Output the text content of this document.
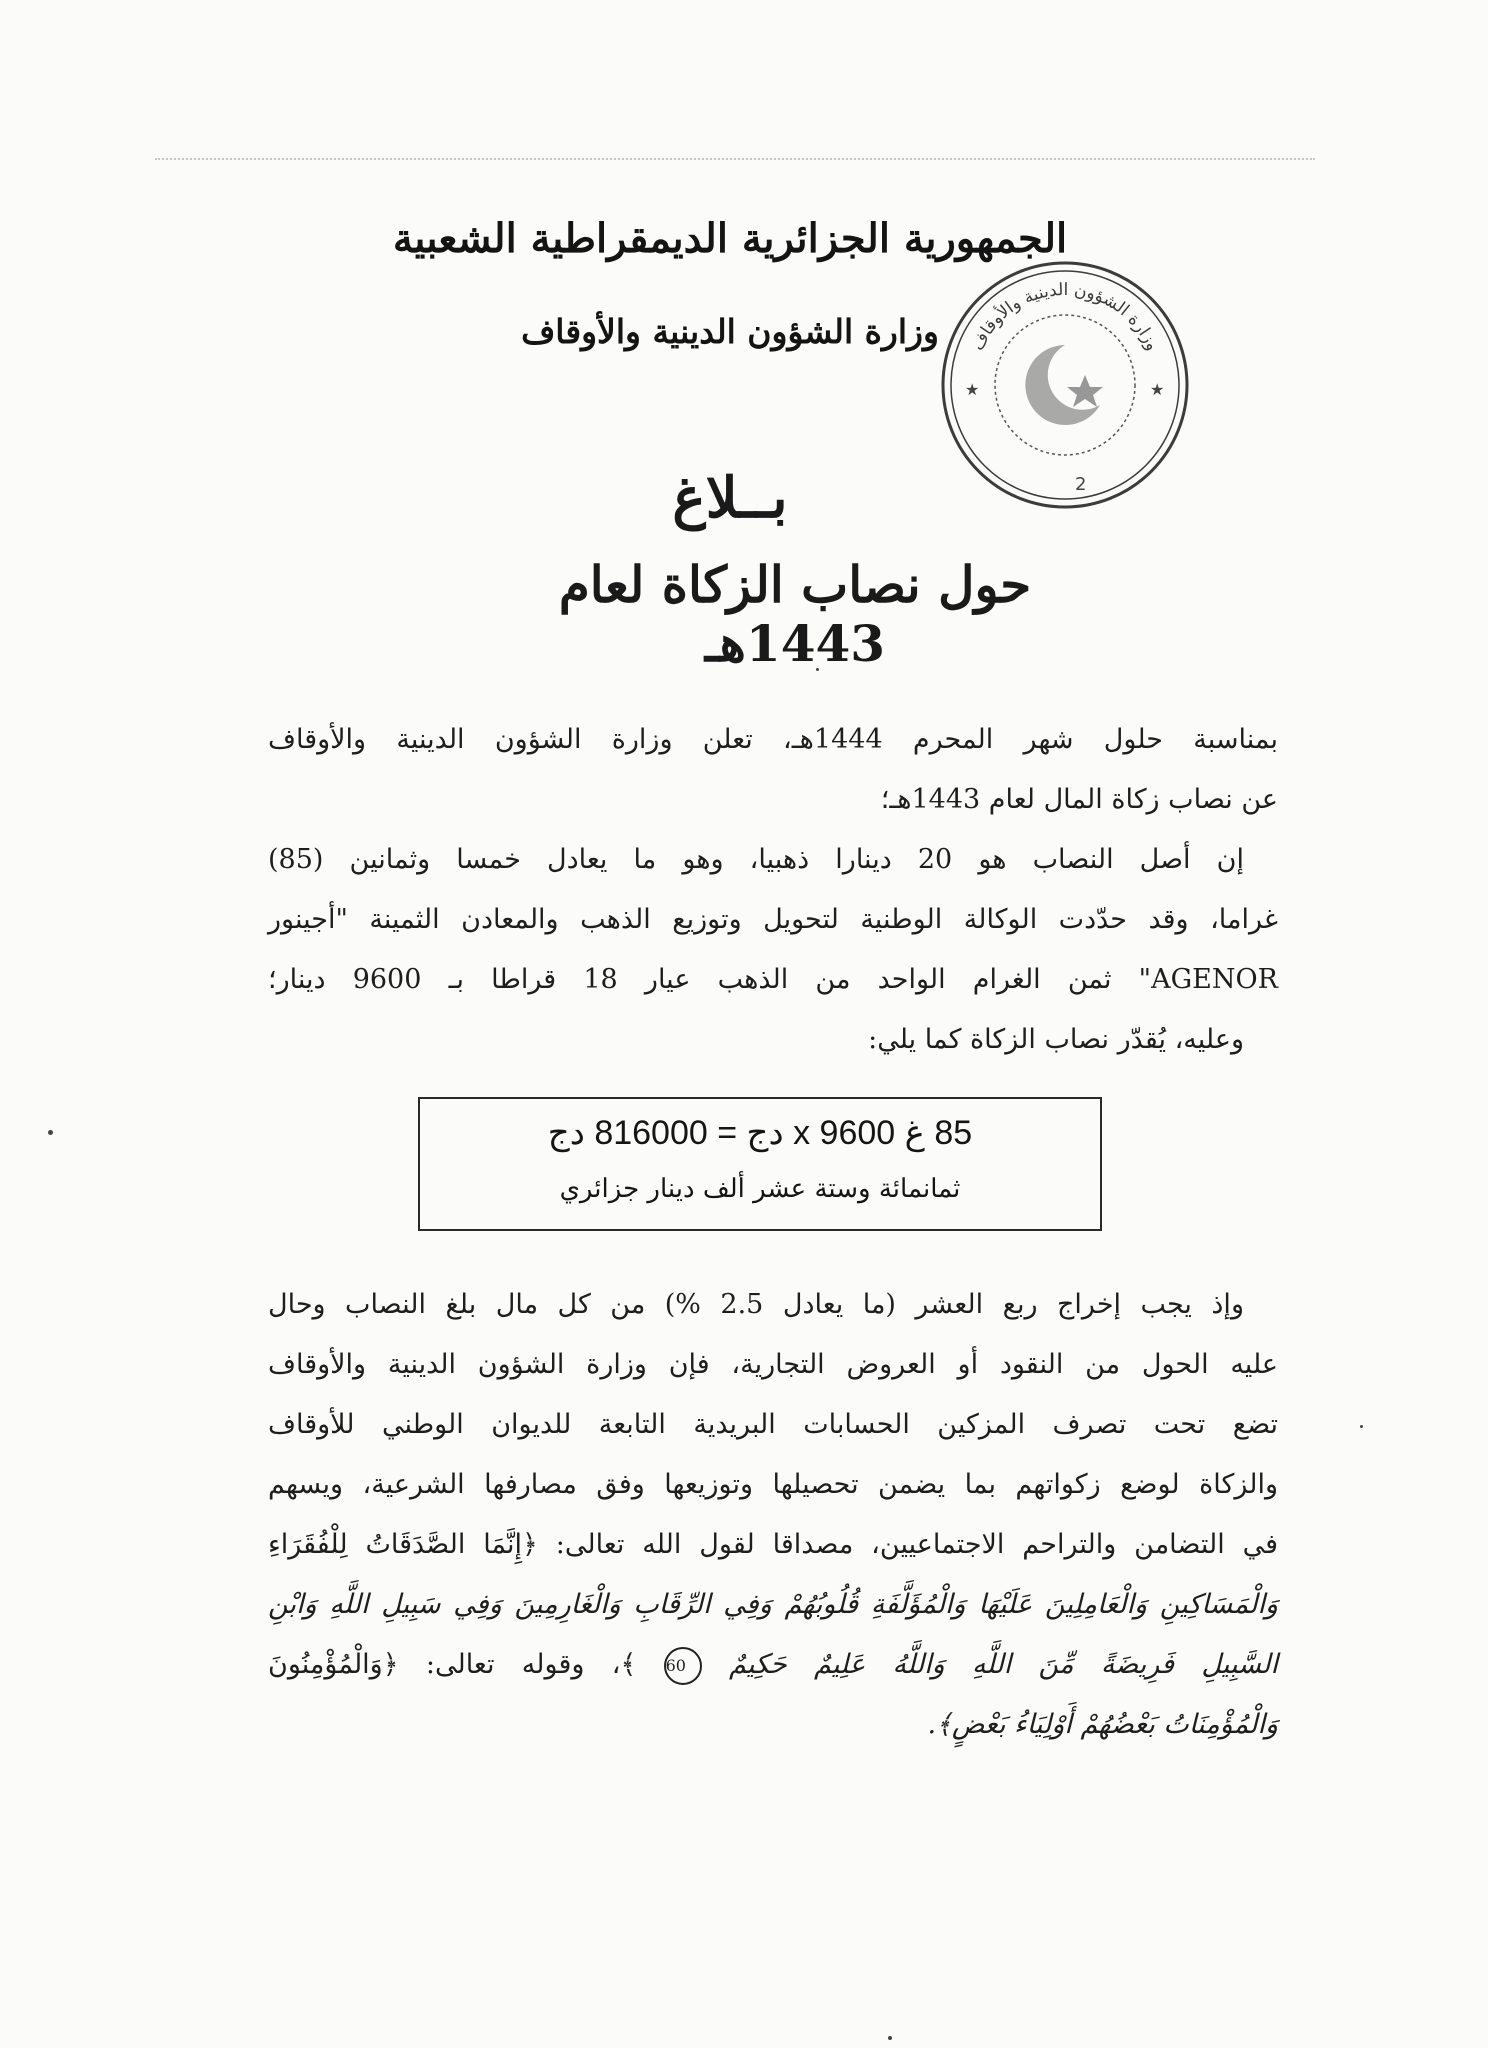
الجمهورية الجزائرية الديمقراطية الشعبية
وزارة الشؤون الدينية والأوقاف	وزارة الشؤون الدينية والأوقاف
★	★
2
بــلاغ
حول نصاب الزكاة لعام 1443هـ
بمناسبة حلول شهر المحرم 1444هـ، تعلن وزارة الشؤون الدينية والأوقاف
عن نصاب زكاة المال لعام 1443هـ؛
إن أصل النصاب هو 20 دينارا ذهبيا، وهو ما يعادل خمسا وثمانين (85)
غراما، وقد حدّدت الوكالة الوطنية لتحويل وتوزيع الذهب والمعادن الثمينة "أجينور
AGENOR" ثمن الغرام الواحد من الذهب عيار 18 قراطا بـ 9600 دينار؛
وعليه، يُقدّر نصاب الزكاة كما يلي:
85 غ x 9600 دج = 816000 دج
ثمانمائة وستة عشر ألف دينار جزائري
وإذ يجب إخراج ربع العشر (ما يعادل 2.5 %) من كل مال بلغ النصاب وحال
عليه الحول من النقود أو العروض التجارية، فإن وزارة الشؤون الدينية والأوقاف
تضع تحت تصرف المزكين الحسابات البريدية التابعة للديوان الوطني للأوقاف
والزكاة لوضع زكواتهم بما يضمن تحصيلها وتوزيعها وفق مصارفها الشرعية، ويسهم
في التضامن والتراحم الاجتماعيين، مصداقا لقول الله تعالى: ﴿إِنَّمَا الصَّدَقَاتُ لِلْفُقَرَاءِ
وَالْمَسَاكِينِ وَالْعَامِلِينَ عَلَيْهَا وَالْمُؤَلَّفَةِ قُلُوبُهُمْ وَفِي الرِّقَابِ وَالْغَارِمِينَ وَفِي سَبِيلِ اللَّهِ وَابْنِ
السَّبِيلِ فَرِيضَةً مِّنَ اللَّهِ وَاللَّهُ عَلِيمٌ حَكِيمٌ 60 ﴾، وقوله تعالى: ﴿وَالْمُؤْمِنُونَ
وَالْمُؤْمِنَاتُ بَعْضُهُمْ أَوْلِيَاءُ بَعْضٍ﴾.
